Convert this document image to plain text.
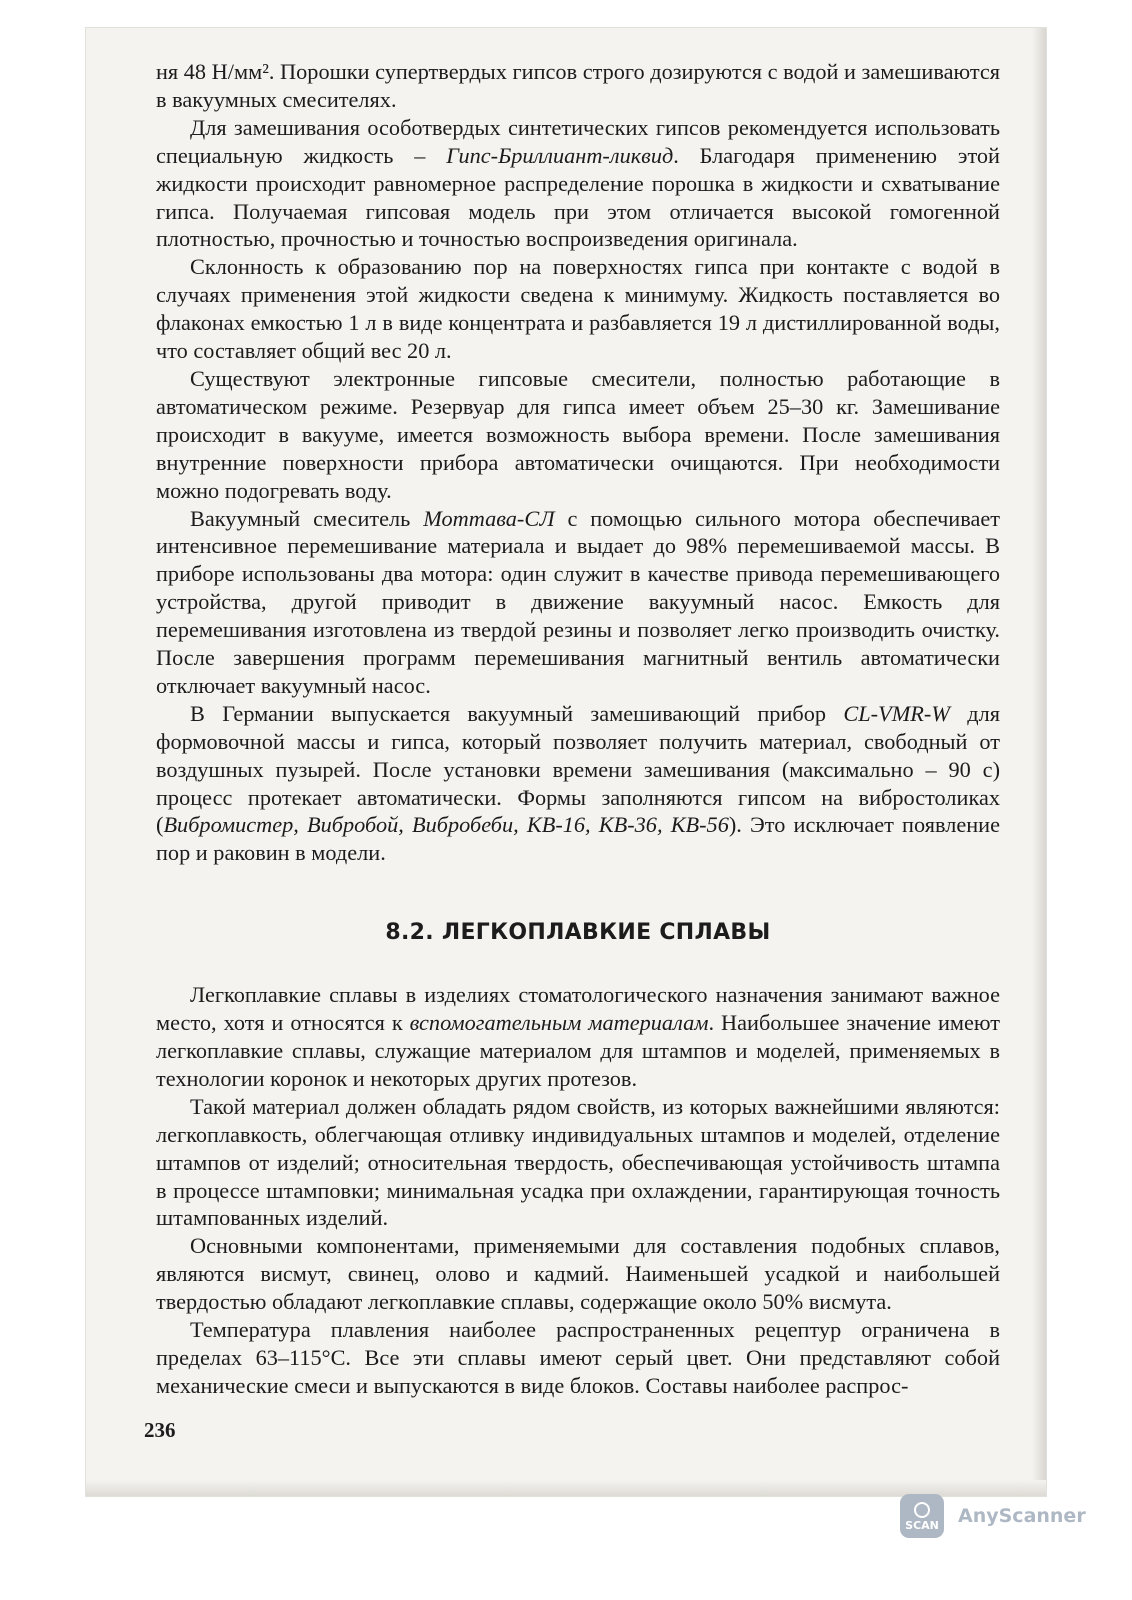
ня 48 Н/мм². Порошки супертвердых гипсов строго дозируются с водой и замешиваются в вакуумных смесителях.

Для замешивания особотвердых синтетических гипсов рекомендуется использовать специальную жидкость – Гипс-Бриллиант-ликвид. Благодаря применению этой жидкости происходит равномерное распределение порошка в жидкости и схватывание гипса. Получаемая гипсовая модель при этом отличается высокой гомогенной плотностью, прочностью и точностью воспроизведения оригинала.

Склонность к образованию пор на поверхностях гипса при контакте с водой в случаях применения этой жидкости сведена к минимуму. Жидкость поставляется во флаконах емкостью 1 л в виде концентрата и разбавляется 19 л дистиллированной воды, что составляет общий вес 20 л.

Существуют электронные гипсовые смесители, полностью работающие в автоматическом режиме. Резервуар для гипса имеет объем 25–30 кг. Замешивание происходит в вакууме, имеется возможность выбора времени. После замешивания внутренние поверхности прибора автоматически очищаются. При необходимости можно подогревать воду.

Вакуумный смеситель Моттава-СЛ с помощью сильного мотора обеспечивает интенсивное перемешивание материала и выдает до 98% перемешиваемой массы. В приборе использованы два мотора: один служит в качестве привода перемешивающего устройства, другой приводит в движение вакуумный насос. Емкость для перемешивания изготовлена из твердой резины и позволяет легко производить очистку. После завершения программ перемешивания магнитный вентиль автоматически отключает вакуумный насос.

В Германии выпускается вакуумный замешивающий прибор CL-VMR-W для формовочной массы и гипса, который позволяет получить материал, свободный от воздушных пузырей. После установки времени замешивания (максимально – 90 с) процесс протекает автоматически. Формы заполняются гипсом на вибростоликах (Вибромистер, Вибробой, Вибробеби, КВ-16, КВ-36, КВ-56). Это исключает появление пор и раковин в модели.

8.2. ЛЕГКОПЛАВКИЕ СПЛАВЫ

Легкоплавкие сплавы в изделиях стоматологического назначения занимают важное место, хотя и относятся к вспомогательным материалам. Наибольшее значение имеют легкоплавкие сплавы, служащие материалом для штампов и моделей, применяемых в технологии коронок и некоторых других протезов.

Такой материал должен обладать рядом свойств, из которых важнейшими являются: легкоплавкость, облегчающая отливку индивидуальных штампов и моделей, отделение штампов от изделий; относительная твердость, обеспечивающая устойчивость штампа в процессе штамповки; минимальная усадка при охлаждении, гарантирующая точность штампованных изделий.

Основными компонентами, применяемыми для составления подобных сплавов, являются висмут, свинец, олово и кадмий. Наименьшей усадкой и наибольшей твердостью обладают легкоплавкие сплавы, содержащие около 50% висмута.

Температура плавления наиболее распространенных рецептур ограничена в пределах 63–115°С. Все эти сплавы имеют серый цвет. Они представляют собой механические смеси и выпускаются в виде блоков. Составы наиболее распрос-

236
SCAN AnyScanner
